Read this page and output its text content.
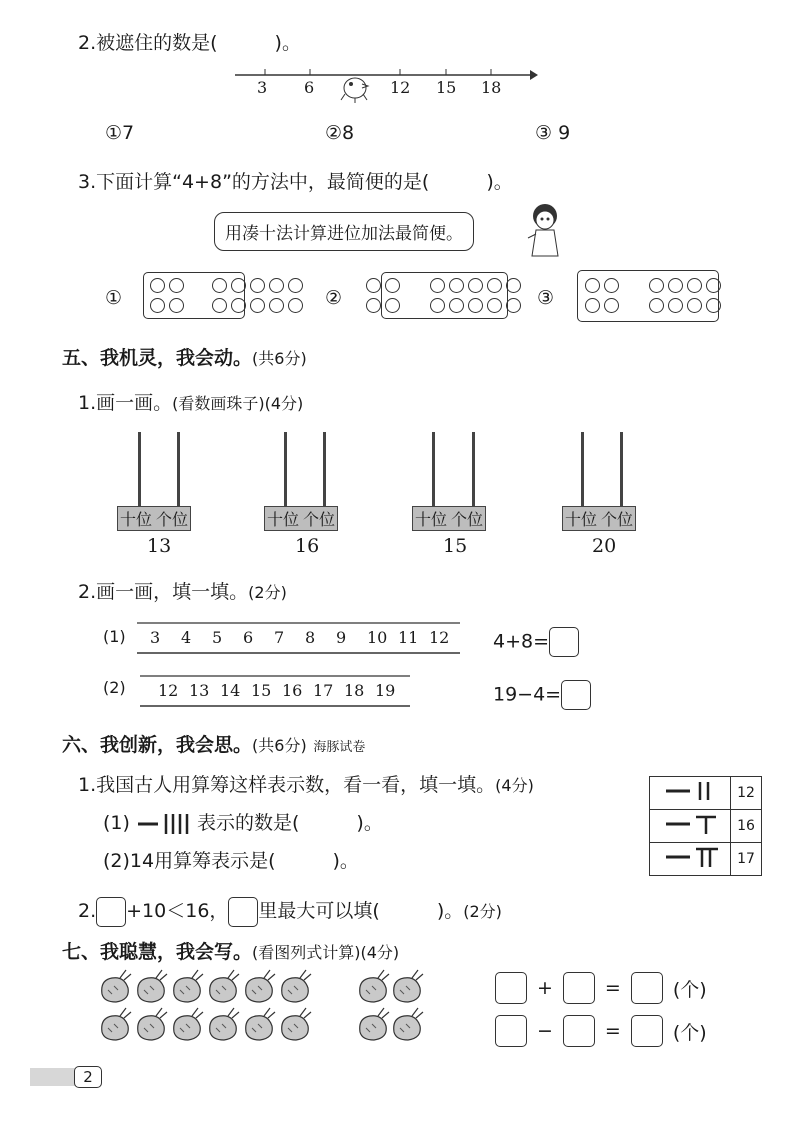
2.被遮住的数是(　　　)。
3 6	12 15 18
①7	②8	③ 9
3.下面计算“4+8”的方法中，最简便的是(　　　)。
用凑十法计算进位加法最简便。
①	②	③
五、我机灵，我会动。(共6分)
1.画一画。(看数画珠子)(4分)
十位 个位
13
十位 个位
16
十位 个位
15
十位 个位
20
2.画一画，填一填。(2分)
(1) 3	4	5	6	7	8	9	10 11 12	4+8=
(2) 12 13 14 15 16 17 18 19	19−4=
六、我创新，我会思。(共6分) 海豚试卷
1.我国古人用算筹这样表示数，看一看，填一填。(4分)
(1)	表示的数是(　　　)。
(2)14用算筹表示是(　　　)。
	12
	16
	17
2. +10＜16， 里最大可以填(　　　)。(2分)
七、我聪慧，我会写。(看图列式计算)(4分)
+	=	(个)
−	=	(个)
2
